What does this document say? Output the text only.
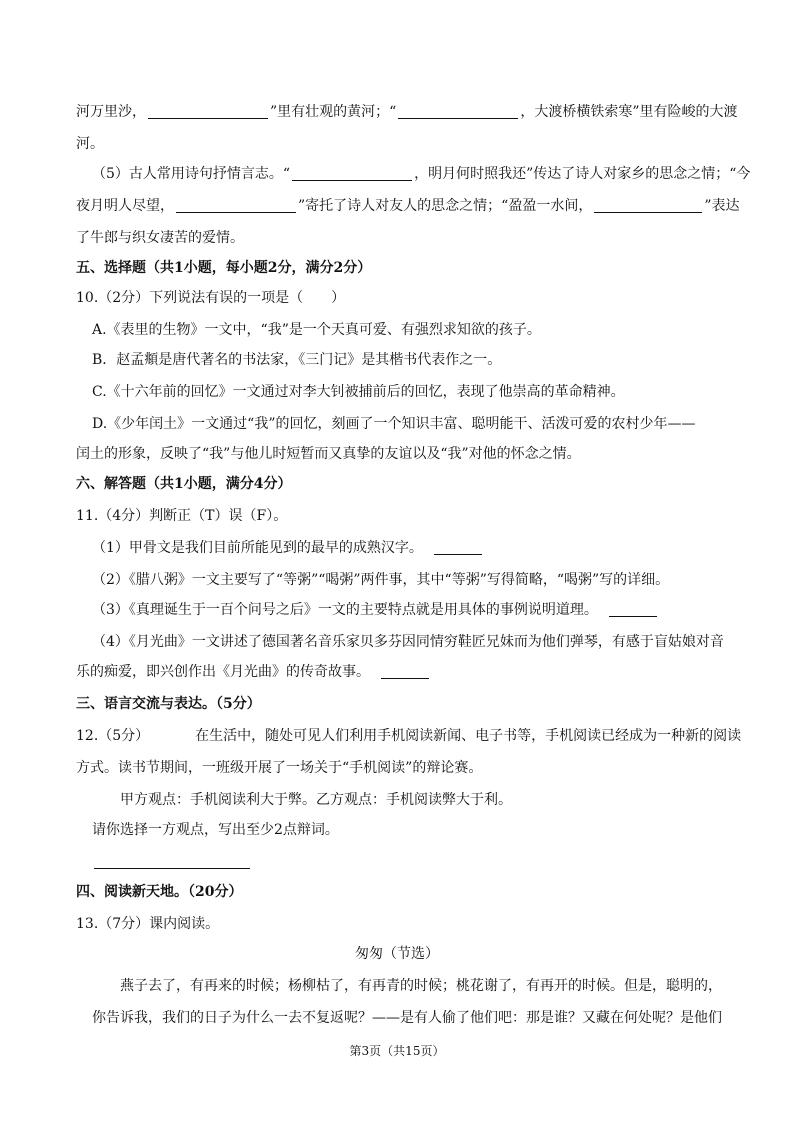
河万里沙，	”里有壮观的黄河；“	，大渡桥横铁索寒”里有险峻的大渡
河。
（5）古人常用诗句抒情言志。“	，明月何时照我还”传达了诗人对家乡的思念之情；“今
夜月明人尽望，	”寄托了诗人对友人的思念之情；“盈盈一水间，	”表达
了牛郎与织女凄苦的爱情。
五、选择题（共1小题，每小题2分，满分2分）
10.（2分）下列说法有误的一项是（　　）
A.《表里的生物》一文中，“我”是一个天真可爱、有强烈求知欲的孩子。
B．赵孟頫是唐代著名的书法家，《三门记》是其楷书代表作之一。
C.《十六年前的回忆》一文通过对李大钊被捕前后的回忆，表现了他崇高的革命精神。
D.《少年闰土》一文通过“我”的回忆，刻画了一个知识丰富、聪明能干、活泼可爱的农村少年——
闰土的形象，反映了“我”与他儿时短暂而又真挚的友谊以及“我”对他的怀念之情。
六、解答题（共1小题，满分4分）
11.（4分）判断正（T）误（F）。
（1）甲骨文是我们目前所能见到的最早的成熟汉字。
（2）《腊八粥》一文主要写了“等粥”“喝粥”两件事，其中“等粥”写得简略，“喝粥”写的详细。
（3）《真理诞生于一百个问号之后》一文的主要特点就是用具体的事例说明道理。
（4）《月光曲》一文讲述了德国著名音乐家贝多芬因同情穷鞋匠兄妹而为他们弹琴，有感于盲姑娘对音
乐的痴爱，即兴创作出《月光曲》的传奇故事。
三、语言交流与表达。（5分）
12.（5分）	在生活中，随处可见人们利用手机阅读新闻、电子书等，手机阅读已经成为一种新的阅读
方式。读书节期间，一班级开展了一场关于“手机阅读”的辩论赛。
甲方观点：手机阅读利大于弊。乙方观点：手机阅读弊大于利。
请你选择一方观点，写出至少2点辩词。
四、阅读新天地。（20分）
13.（7分）课内阅读。
匆匆（节选）
燕子去了，有再来的时候；杨柳枯了，有再青的时候；桃花谢了，有再开的时候。但是，聪明的，
你告诉我，我们的日子为什么一去不复返呢？——是有人偷了他们吧：那是谁？又藏在何处呢？是他们
第3页（共15页）
